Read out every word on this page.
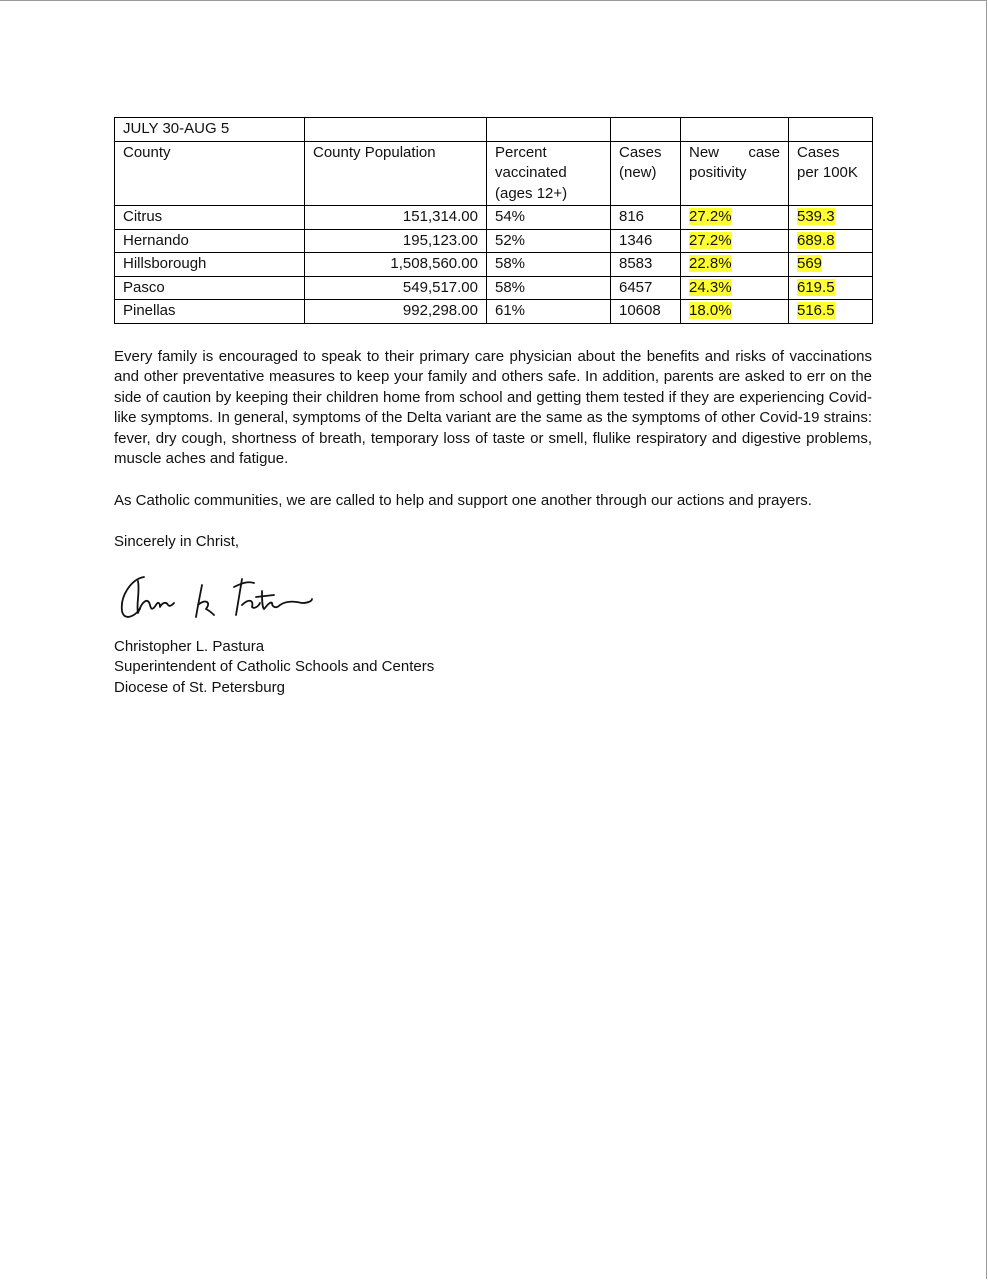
JULY 30-AUG 5					
County	County Population	Percent vaccinated (ages 12+)	Cases (new)	New case positivity	Cases per 100K
Citrus	151,314.00	54%	816	27.2%	539.3
Hernando	195,123.00	52%	1346	27.2%	689.8
Hillsborough	1,508,560.00	58%	8583	22.8%	569
Pasco	549,517.00	58%	6457	24.3%	619.5
Pinellas	992,298.00	61%	10608	18.0%	516.5

Every family is encouraged to speak to their primary care physician about the benefits and risks of vaccinations and other preventative measures to keep your family and others safe. In addition, parents are asked to err on the side of caution by keeping their children home from school and getting them tested if they are experiencing Covid-like symptoms. In general, symptoms of the Delta variant are the same as the symptoms of other Covid-19 strains: fever, dry cough, shortness of breath, temporary loss of taste or smell, flulike respiratory and digestive problems, muscle aches and fatigue.

As Catholic communities, we are called to help and support one another through our actions and prayers.

Sincerely in Christ,

Christopher L. Pastura
Superintendent of Catholic Schools and Centers
Diocese of St. Petersburg
